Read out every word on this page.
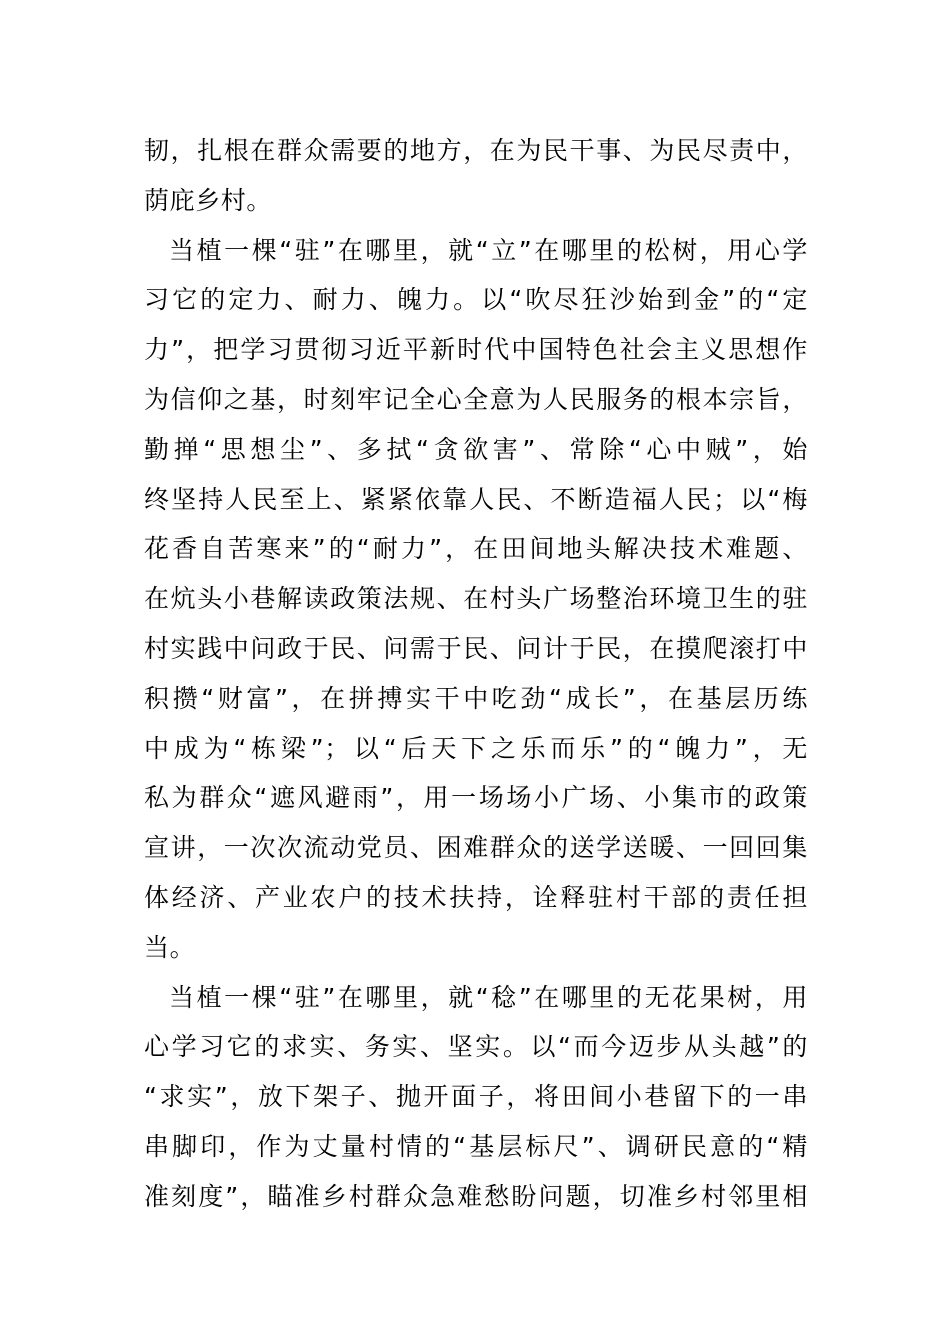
韧，扎根在群众需要的地方，在为民干事、为民尽责中，
荫庇乡村。
当植一棵“驻”在哪里，就“立”在哪里的松树，用心学
习它的定力、耐力、魄力。以“吹尽狂沙始到金”的“定
力”，把学习贯彻习近平新时代中国特色社会主义思想作
为信仰之基，时刻牢记全心全意为人民服务的根本宗旨，
勤掸“思想尘”、多拭“贪欲害”、常除“心中贼”，始
终坚持人民至上、紧紧依靠人民、不断造福人民；以“梅
花香自苦寒来”的“耐力”，在田间地头解决技术难题、
在炕头小巷解读政策法规、在村头广场整治环境卫生的驻
村实践中问政于民、问需于民、问计于民，在摸爬滚打中
积攒“财富”，在拼搏实干中吃劲“成长”，在基层历练
中成为“栋梁”；以“后天下之乐而乐”的“魄力”，无
私为群众“遮风避雨”，用一场场小广场、小集市的政策
宣讲，一次次流动党员、困难群众的送学送暖、一回回集
体经济、产业农户的技术扶持，诠释驻村干部的责任担
当。
当植一棵“驻”在哪里，就“稔”在哪里的无花果树，用
心学习它的求实、务实、坚实。以“而今迈步从头越”的
“求实”，放下架子、抛开面子，将田间小巷留下的一串
串脚印，作为丈量村情的“基层标尺”、调研民意的“精
准刻度”，瞄准乡村群众急难愁盼问题，切准乡村邻里相
